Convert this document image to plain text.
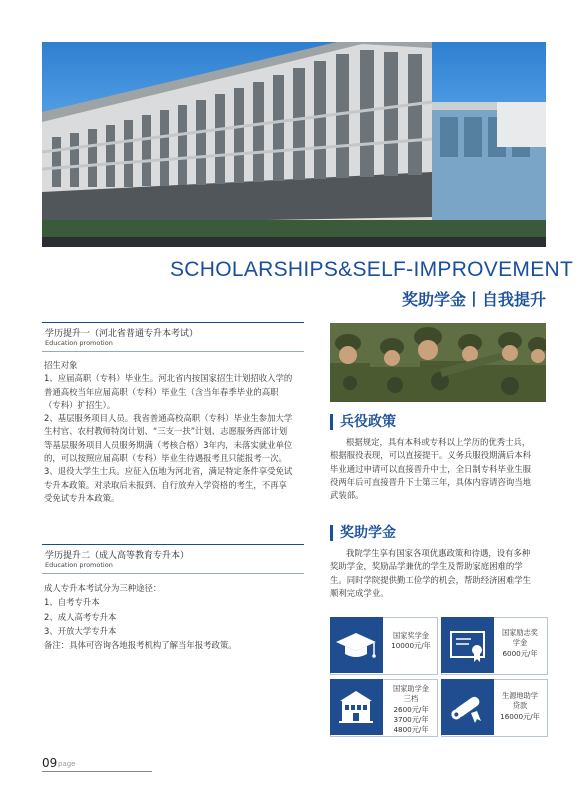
SCHOLARSHIPS&SELF-IMPROVEMENT
奖助学金丨自我提升
学历提升一（河北省普通专升本考试）
Education promotion
招生对象
1、应届高职（专科）毕业生。河北省内按国家招生计划招收入学的
普通高校当年应届高职（专科）毕业生（含当年春季毕业的高职
（专科）扩招生）。
2、基层服务项目人员。我省普通高校高职（专科）毕业生参加大学
生村官、农村教师特岗计划、“三支一扶”计划、志愿服务西部计划
等基层服务项目人员服务期满（考核合格）3年内，未落实就业单位
的，可以按照应届高职（专科）毕业生待遇报考且只能报考一次。
3、退役大学生士兵。应征入伍地为河北省，满足特定条件享受免试
专升本政策。对录取后未报到、自行放弃入学资格的考生，不再享
受免试专升本政策。
学历提升二（成人高等教育专升本）
Education promotion
成人专升本考试分为三种途径：
1、自考专升本
2、成人高考专升本
3、开放大学专升本
备注：具体可咨询各地报考机构了解当年报考政策。
兵役政策
根据规定，具有本科或专科以上学历的优秀士兵，
根据服役表现，可以直接提干。义务兵服役期满后本科
毕业通过申请可以直接晋升中士，全日制专科毕业生服
役两年后可直接晋升下士第三年，具体内容请咨询当地
武装部。
奖助学金
我院学生享有国家各项优惠政策和待遇，设有多种
奖助学金，奖励品学兼优的学生及帮助家庭困难的学
生。同时学院提供勤工俭学的机会，帮助经济困难学生
顺利完成学业。
国家奖学金
10000元/年
国家励志奖
学金
6000元/年
国家助学金
三档
2600元/年
3700元/年
4800元/年
生源地助学
贷款
16000元/年
09 page
